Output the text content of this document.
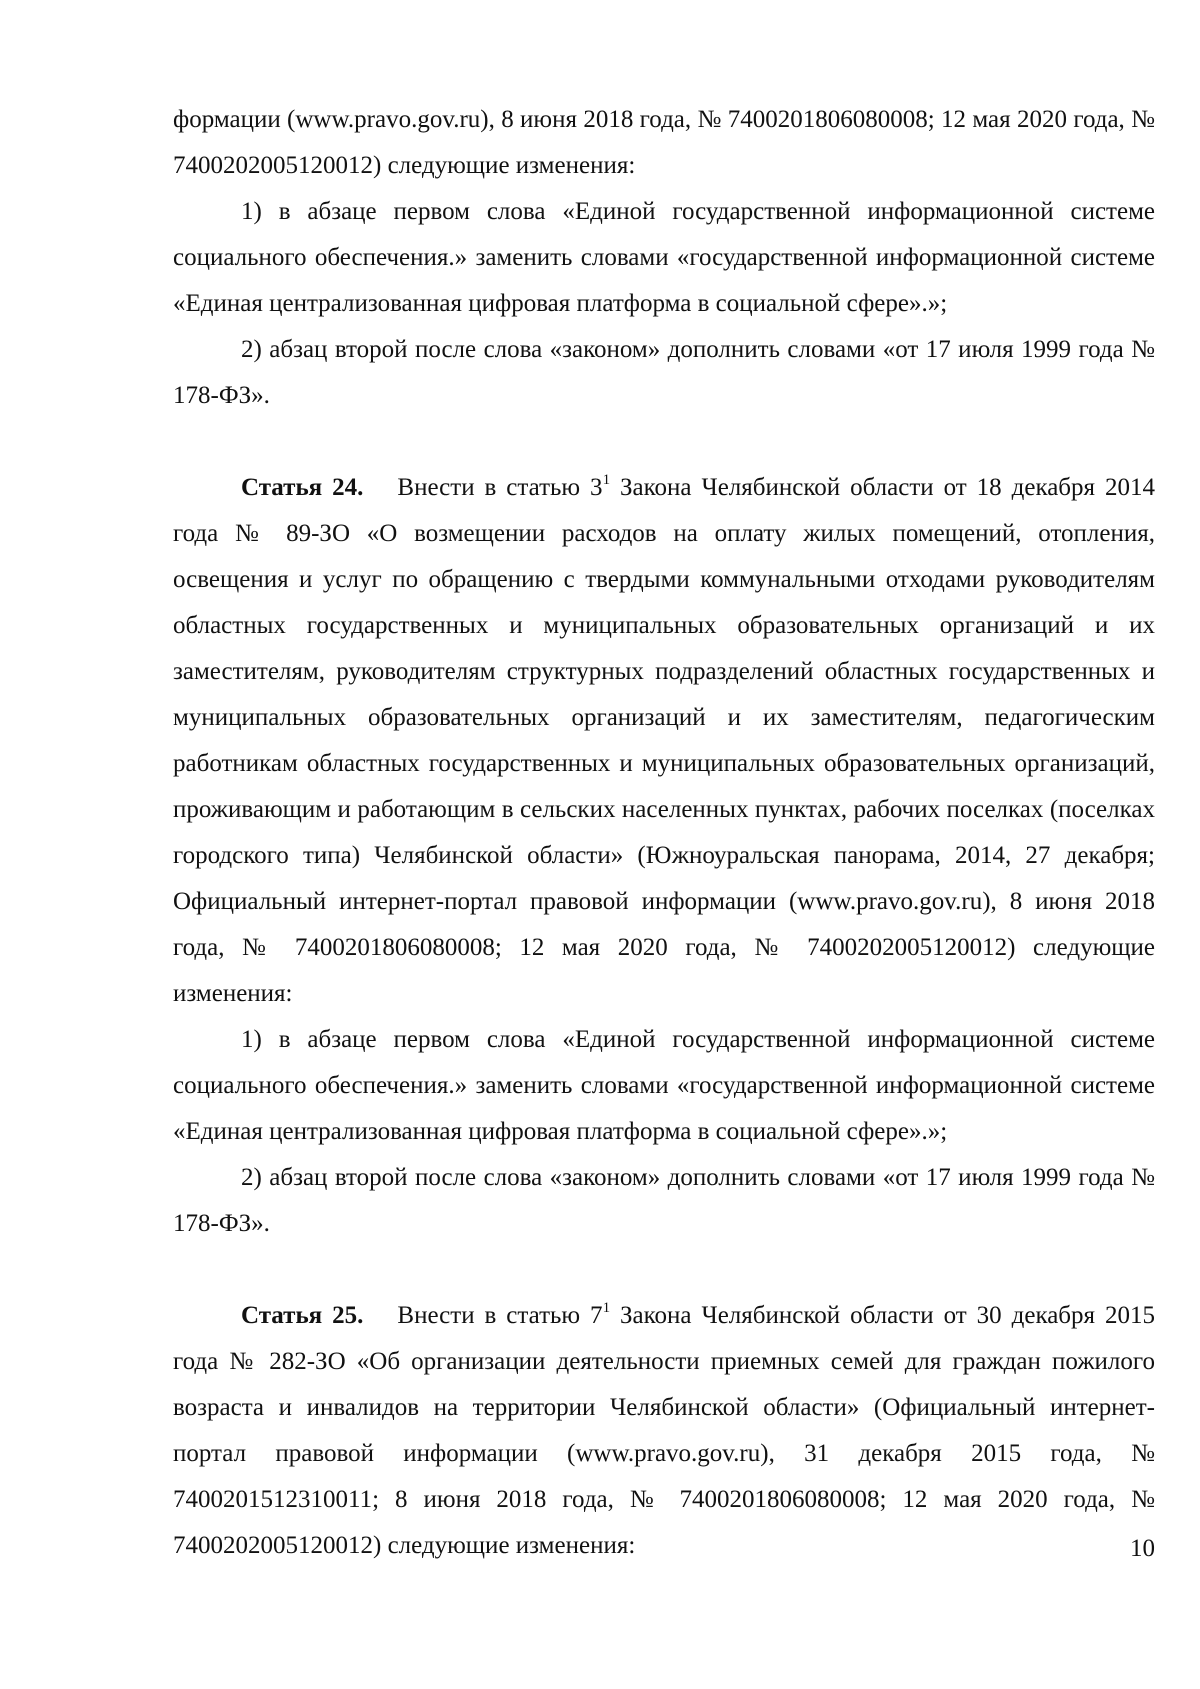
формации (www.pravo.gov.ru), 8 июня 2018 года, № 7400201806080008; 12 мая 2020 года, № 7400202005120012) следующие изменения:

1) в абзаце первом слова «Единой государственной информационной системе социального обеспечения.» заменить словами «государственной информационной системе «Единая централизованная цифровая платформа в социальной сфере».»;

2) абзац второй после слова «законом» дополнить словами «от 17 июля 1999 года № 178-ФЗ».

Статья 24. Внести в статью $3^1$ Закона Челябинской области от 18 декабря 2014 года № 89-ЗО «О возмещении расходов на оплату жилых помещений, отопления, освещения и услуг по обращению с твердыми коммунальными отходами руководителям областных государственных и муниципальных образовательных организаций и их заместителям, руководителям структурных подразделений областных государственных и муниципальных образовательных организаций и их заместителям, педагогическим работникам областных государственных и муниципальных образовательных организаций, проживающим и работающим в сельских населенных пунктах, рабочих поселках (поселках городского типа) Челябинской области» (Южноуральская панорама, 2014, 27 декабря; Официальный интернет-портал правовой информации (www.pravo.gov.ru), 8 июня 2018 года, № 7400201806080008; 12 мая 2020 года, № 7400202005120012) следующие изменения:

1) в абзаце первом слова «Единой государственной информационной системе социального обеспечения.» заменить словами «государственной информационной системе «Единая централизованная цифровая платформа в социальной сфере».»;

2) абзац второй после слова «законом» дополнить словами «от 17 июля 1999 года № 178-ФЗ».

Статья 25. Внести в статью $7^1$ Закона Челябинской области от 30 декабря 2015 года № 282-ЗО «Об организации деятельности приемных семей для граждан пожилого возраста и инвалидов на территории Челябинской области» (Официальный интернет-портал правовой информации (www.pravo.gov.ru), 31 декабря 2015 года, № 7400201512310011; 8 июня 2018 года, № 7400201806080008; 12 мая 2020 года, № 7400202005120012) следующие изменения:	10
